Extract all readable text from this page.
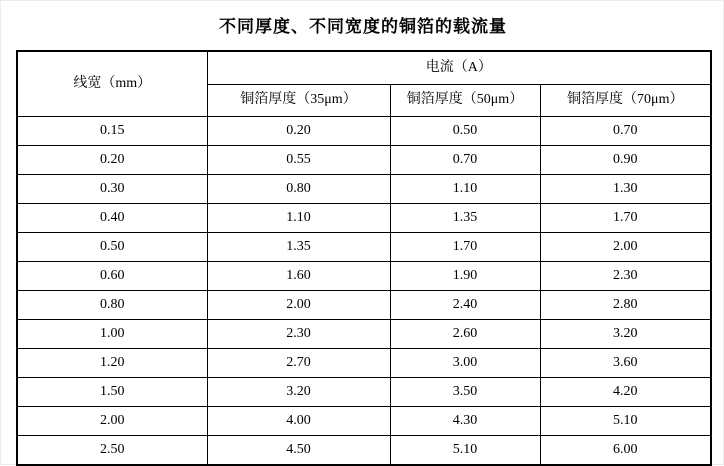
不同厚度、不同宽度的铜箔的载流量
线宽（mm）	电流（A）		
	铜箔厚度（35μm）	铜箔厚度（50μm）	铜箔厚度（70μm）
0.15	0.20	0.50	0.70
0.20	0.55	0.70	0.90
0.30	0.80	1.10	1.30
0.40	1.10	1.35	1.70
0.50	1.35	1.70	2.00
0.60	1.60	1.90	2.30
0.80	2.00	2.40	2.80
1.00	2.30	2.60	3.20
1.20	2.70	3.00	3.60
1.50	3.20	3.50	4.20
2.00	4.00	4.30	5.10
2.50	4.50	5.10	6.00
